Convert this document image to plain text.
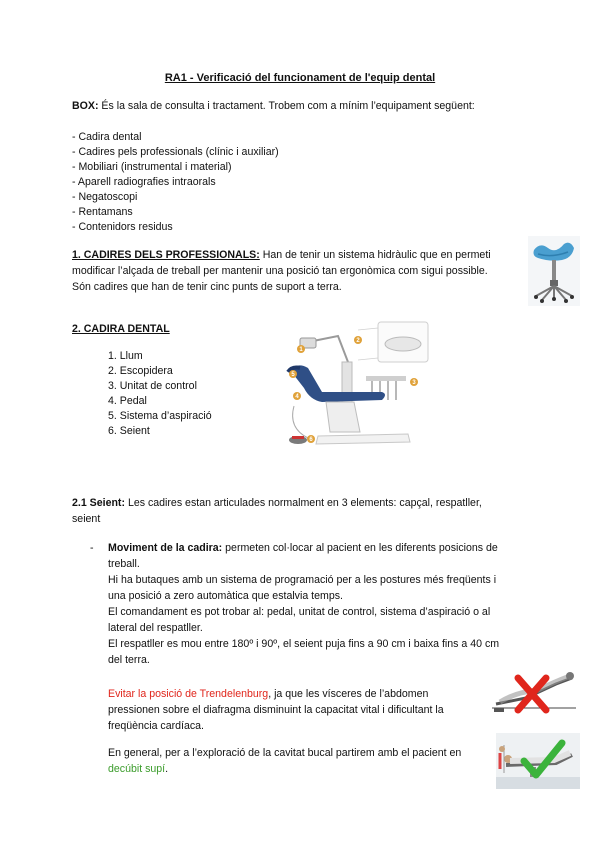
RA1 - Verificació del funcionament de l'equip dental
BOX: És la sala de consulta i tractament. Trobem com a mínim l’equipament següent:
- Cadira dental
- Cadires pels professionals (clínic i auxiliar)
- Mobiliari (instrumental i material)
- Aparell radiografies intraorals
- Negatoscopi
- Rentamans
- Contenidors residus
1. CADIRES DELS PROFESSIONALS: Han de tenir un sistema hidràulic que en permeti
modificar l’alçada de treball per mantenir una posició tan ergonòmica com sigui possible.
Són cadires que han de tenir cinc punts de suport a terra.
2. CADIRA DENTAL
1. Llum
2. Escopidera
3. Unitat de control
4. Pedal
5. Sistema d’aspiració
6. Seient
1
2
3
4
5
6
2.1 Seient: Les cadires estan articulades normalment en 3 elements: capçal, respatller,
seient
- Moviment de la cadira: permeten col·locar al pacient en les diferents posicions de
treball.
Hi ha butaques amb un sistema de programació per a les postures més freqüents i
una posició a zero automàtica que estalvia temps.
El comandament es pot trobar al: pedal, unitat de control, sistema d’aspiració o al
lateral del respatller.
El respatller es mou entre 180º i 90º, el seient puja fins a 90 cm i baixa fins a 40 cm
del terra.
Evitar la posició de Trendelenburg, ja que les vísceres de l’abdomen
pressionen sobre el diafragma disminuint la capacitat vital i dificultant la
freqüència cardíaca.
En general, per a l’exploració de la cavitat bucal partirem amb el pacient en
decúbit supí.
